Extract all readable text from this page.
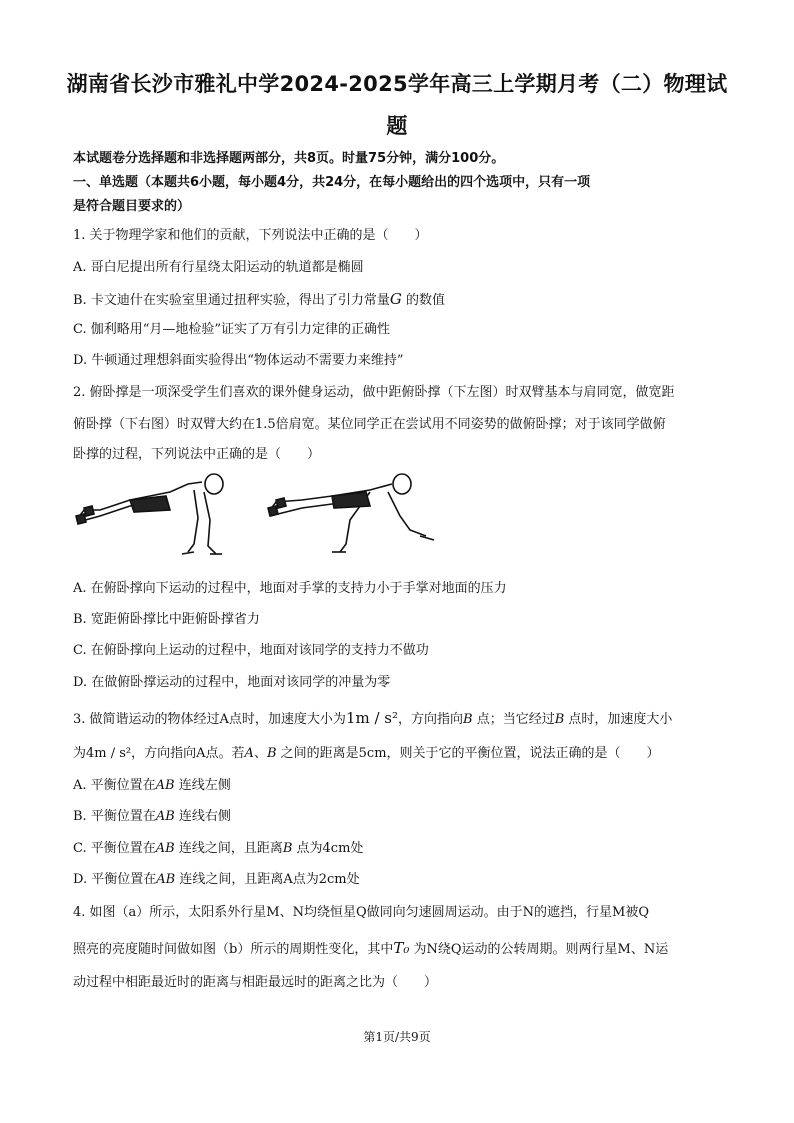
湖南省长沙市雅礼中学2024-2025学年高三上学期月考（二）物理试
题
本试题卷分选择题和非选择题两部分，共8页。时量75分钟，满分100分。
一、单选题（本题共6小题，每小题4分，共24分，在每小题给出的四个选项中，只有一项
是符合题目要求的）
1. 关于物理学家和他们的贡献，下列说法中正确的是（　　）
A. 哥白尼提出所有行星绕太阳运动的轨道都是椭圆
B. 卡文迪什在实验室里通过扭秤实验，得出了引力常量G 的数值
C. 伽利略用“月—地检验”证实了万有引力定律的正确性
D. 牛顿通过理想斜面实验得出“物体运动不需要力来维持”
2. 俯卧撑是一项深受学生们喜欢的课外健身运动，做中距俯卧撑（下左图）时双臂基本与肩同宽，做宽距
俯卧撑（下右图）时双臂大约在1.5倍肩宽。某位同学正在尝试用不同姿势的做俯卧撑；对于该同学做俯
卧撑的过程，下列说法中正确的是（　　）
A. 在俯卧撑向下运动的过程中，地面对手掌的支持力小于手掌对地面的压力
B. 宽距俯卧撑比中距俯卧撑省力
C. 在俯卧撑向上运动的过程中，地面对该同学的支持力不做功
D. 在做俯卧撑运动的过程中，地面对该同学的冲量为零
3. 做简谐运动的物体经过A点时，加速度大小为1m / s²，方向指向B 点；当它经过B 点时，加速度大小
为4m / s²，方向指向A点。若A、B 之间的距离是5cm，则关于它的平衡位置，说法正确的是（　　）
A. 平衡位置在AB 连线左侧
B. 平衡位置在AB 连线右侧
C. 平衡位置在AB 连线之间，且距离B 点为4cm处
D. 平衡位置在AB 连线之间，且距离A点为2cm处
4. 如图（a）所示，太阳系外行星M、N均绕恒星Q做同向匀速圆周运动。由于N的遮挡，行星M被Q
照亮的亮度随时间做如图（b）所示的周期性变化，其中T₀ 为N绕Q运动的公转周期。则两行星M、N运
动过程中相距最近时的距离与相距最远时的距离之比为（　　）
第1页/共9页
